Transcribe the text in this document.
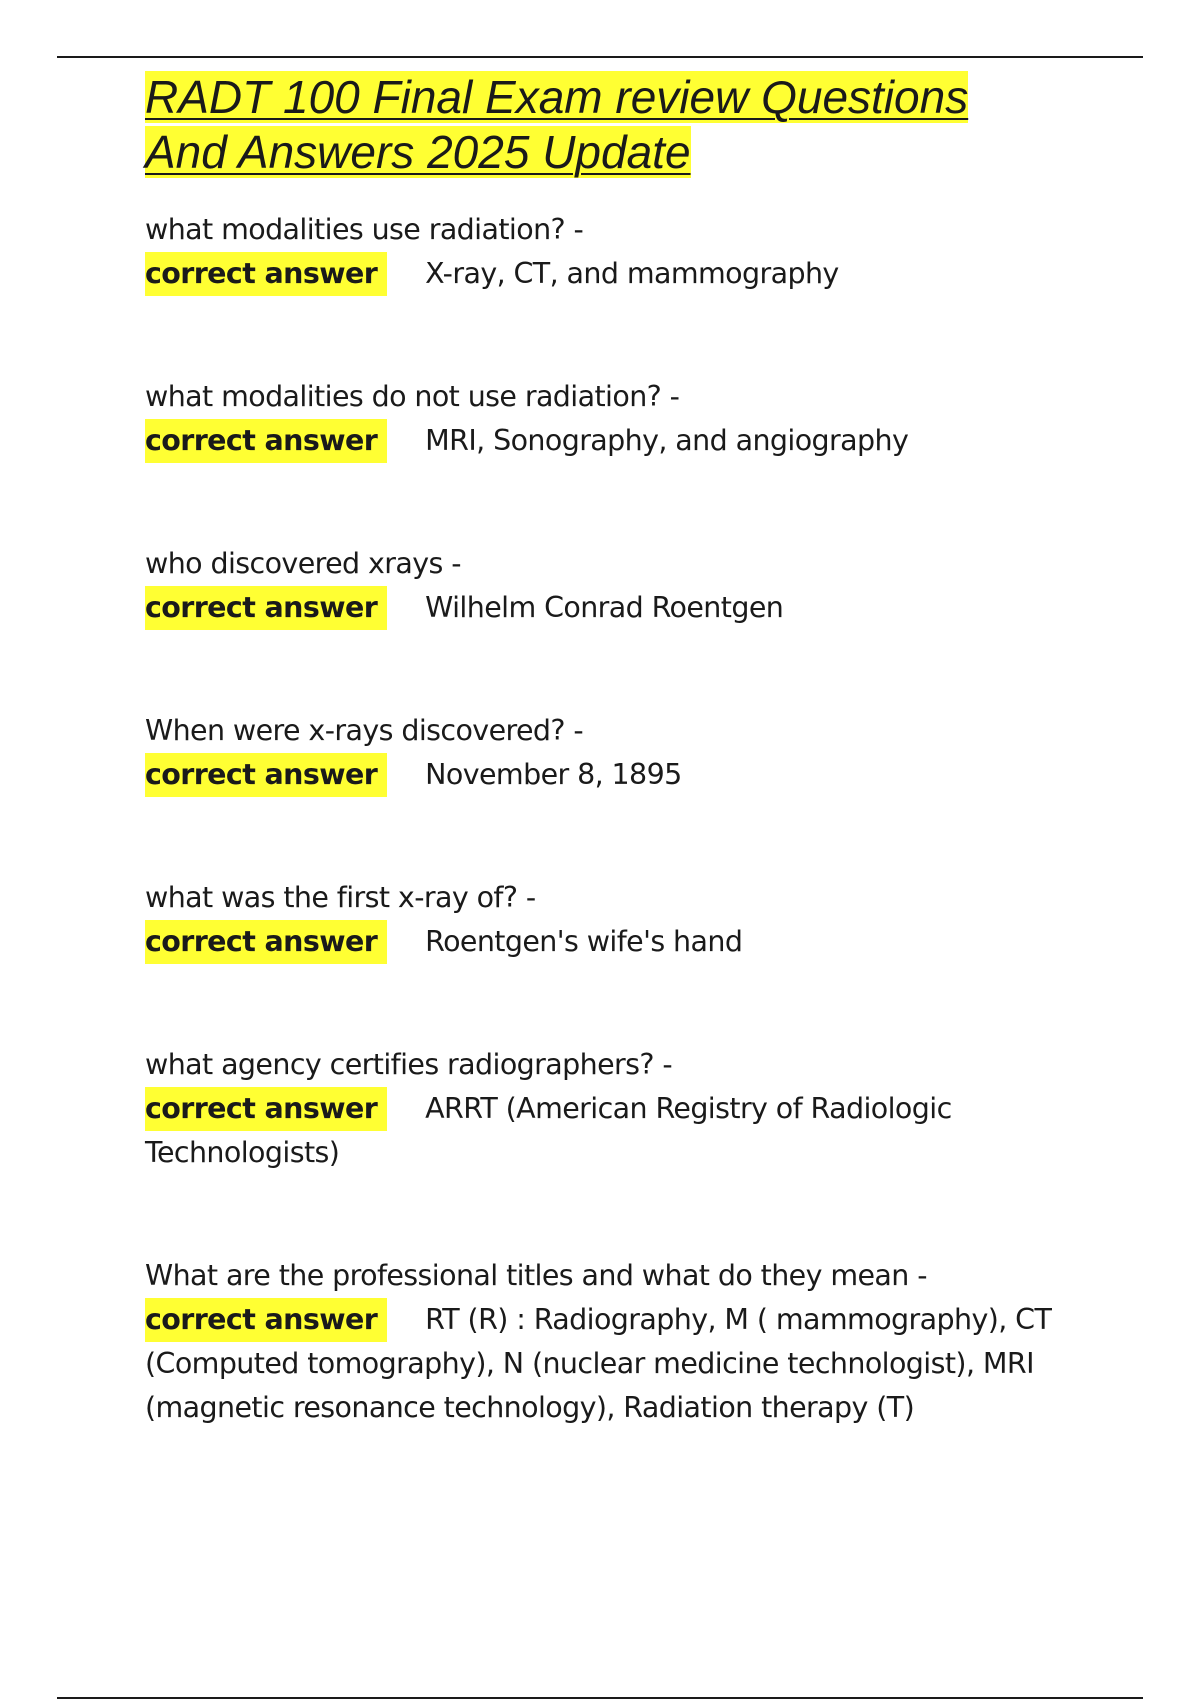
RADT 100 Final Exam review Questions
And Answers 2025 Update
what modalities use radiation? -
correct answer X-ray, CT, and mammography
what modalities do not use radiation? -
correct answer MRI, Sonography, and angiography
who discovered xrays -
correct answer Wilhelm Conrad Roentgen
When were x-rays discovered? -
correct answer November 8, 1895
what was the first x-ray of? -
correct answer Roentgen's wife's hand
what agency certifies radiographers? -
correct answer ARRT (American Registry of Radiologic Technologists)
What are the professional titles and what do they mean -
correct answer RT (R) : Radiography, M ( mammography), CT (Computed tomography), N (nuclear medicine technologist), MRI (magnetic resonance technology), Radiation therapy (T)
